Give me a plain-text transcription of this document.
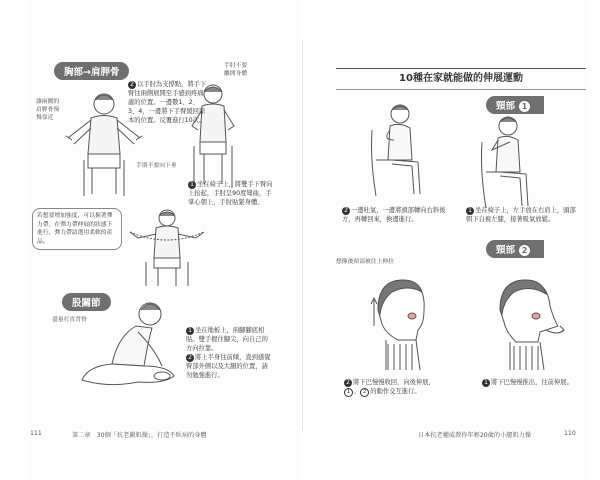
胸部→肩胛骨
手肘不要
離開身體
讓兩側的
肩胛骨慢
慢靠近
2 以手肘為支撐點，將手下臂往兩側展開至手感到疼痛處的位置。一邊數1、2、3、4，一邊將下手臂緩回原本的位置。反覆進行10次。
手別不要向下垂
1 坐在椅子上，將雙手下臂向上抬起，手肘呈90度彎曲，手掌心朝上，手肘貼緊身體。
若想要增加強度，可以握著彈力帶，在彈力帶伸展的狀態下進行，彈力帶請選用柔軟的產品。
股關節
盡量打直背脊
1 坐在地板上，兩腳腳底相貼。雙手握住腳尖，向自己的方向拉靠。
2 將上半身往前傾，直到感覺臀部外側以及大腿的位置，請勿勉強進行。
111	第二章　30個「抗老鍛肌操」，打造不臥病的身體
10種在家就能做的伸展運動
頸部 1
2 一邊吐氣，一邊將頭部轉向右斜後方，再轉回來，換邊進行。
1 坐在椅子上，左手放在右肩上，頭部朝下自視左膝，接著吸氣放鬆。
頸部 2
想像後頸部被往上伸拉
2 將下巴慢慢收回，向後伸展，
1 、 2 的動作交互進行。
1 將下巴慢慢推出，往前伸展。
日本抗老權威教你年輕20歲的小腿肌力操	110
